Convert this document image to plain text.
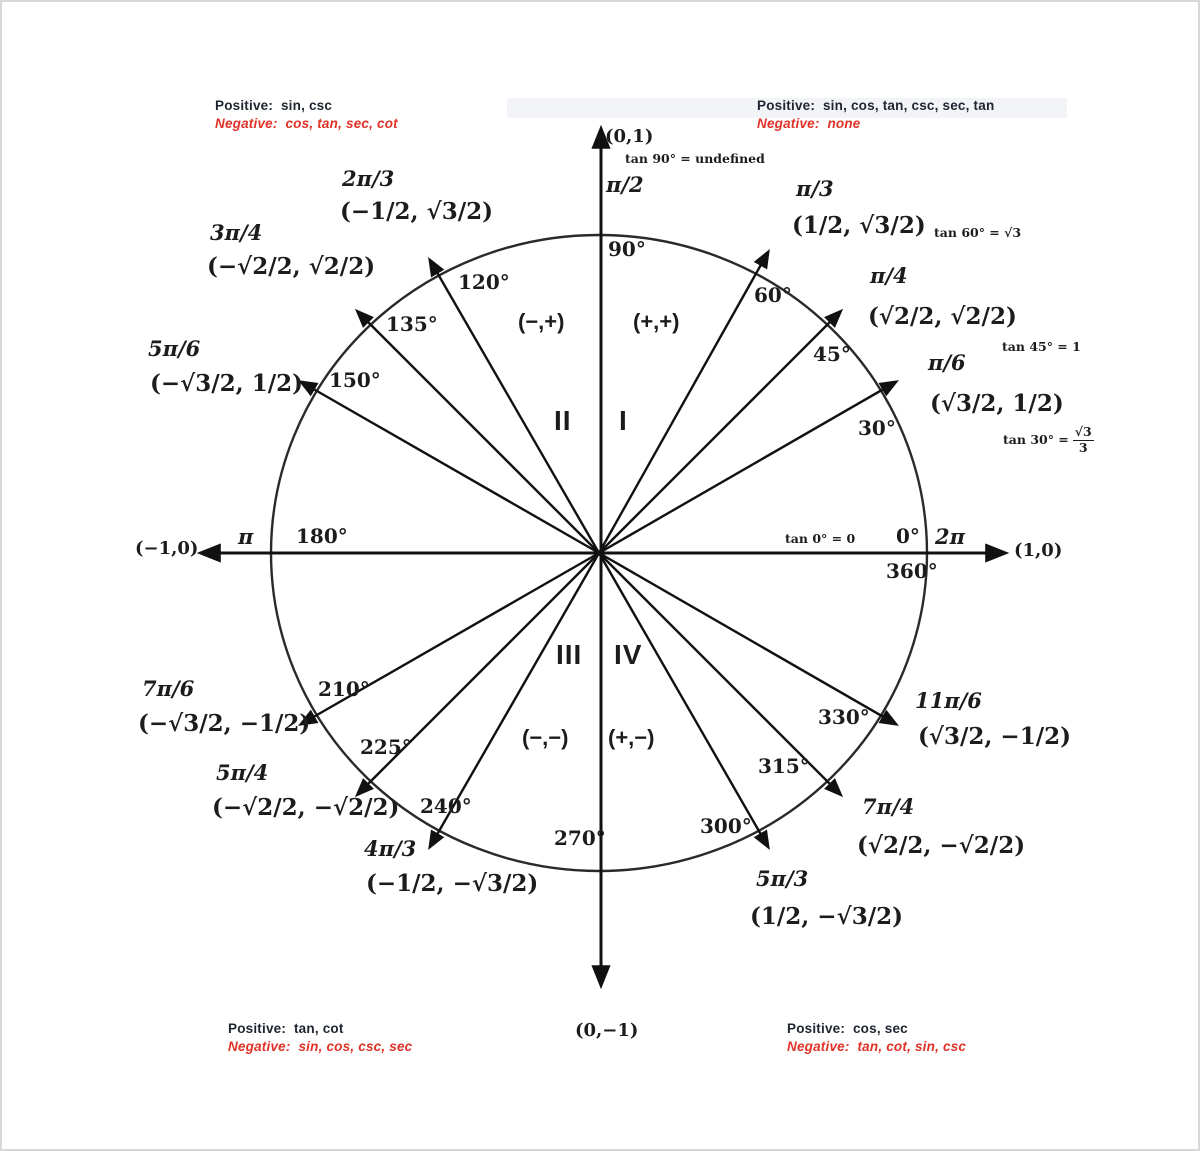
Positive:  sin, csc
Negative:  cos, tan, sec, cot
Positive:  sin, cos, tan, csc, sec, tan
Negative:  none
Positive:  tan, cot
Negative:  sin, cos, csc, sec
Positive:  cos, sec
Negative:  tan, cot, sin, csc
(0,1)
tan 90° = undefined
π/2
90°
π/3
(1/2, √3/2) tan 60° = √3
60°
π/4
(√2/2, √2/2)
tan 45° = 1
45°	π/6
(√3/2, 1/2)
$\tan 30^\circ = \frac{√3}{3}$
30°
2π/3
(−1/2, √3/2)
120°
3π/4
(−√2/2, √2/2)
135°
5π/6
(−√3/2, 1/2) 150°
(−1,0) π 180°	tan 0° = 0 0°
360°
2π
(1,0)
7π/6
(−√3/2, −1/2)
210°
5π/4
(−√2/2, −√2/2)
225°
4π/3
(−1/2, −√3/2)
240°
270°
(0,−1)
5π/3
(1/2, −√3/2)
300°
7π/4
(√2/2, −√2/2)
315°
11π/6
(√3/2, −1/2)
330°
(−,+)	(+,+)
II I
III IV
(−,−) (+,−)
